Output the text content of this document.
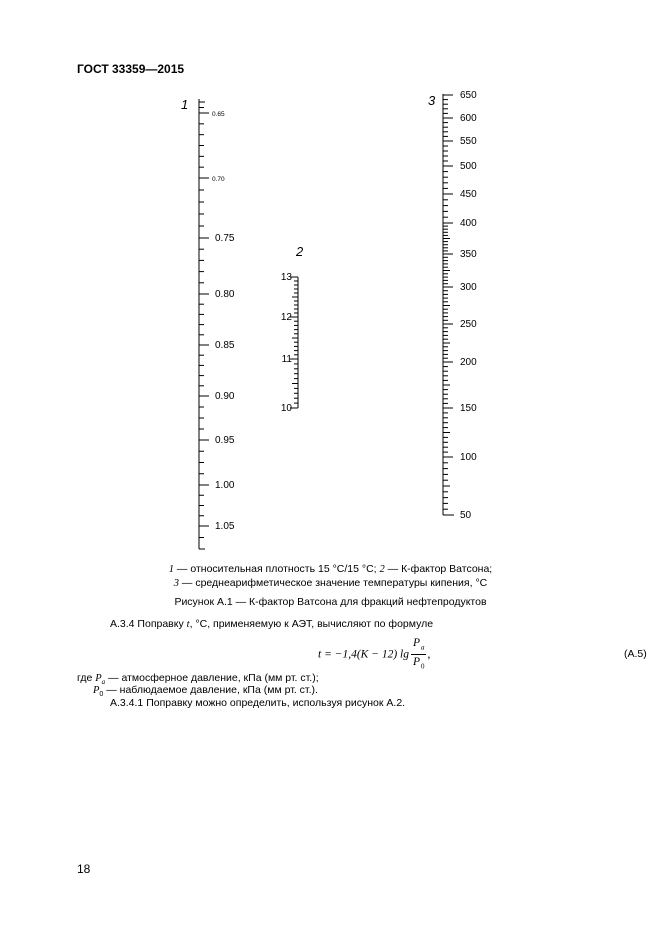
ГОСТ 33359—2015
1
0.65
0.70
0.75
0.80
0.85
0.90
0.95
1.00
1.05
2
13
12
11
10
3 650
600
550
500
450
400
350
300
250
200
150
100
50
1 — относительная плотность 15 °С/15 °С; 2 — К-фактор Ватсона;
3 — среднеарифметическое значение температуры кипения, °С
Рисунок А.1 — К-фактор Ватсона для фракций нефтепродуктов
А.3.4 Поправку t, °С, применяемую к АЭТ, вычисляют по формуле
t = −1,4(K − 12) $\lg \frac{P_a}{P_0}$ ,	(А.5)
где $P_a$ — атмосферное давление, кПа (мм рт. ст.);
$P_0$ — наблюдаемое давление, кПа (мм рт. ст.).
А.3.4.1 Поправку можно определить, используя рисунок А.2.
18
